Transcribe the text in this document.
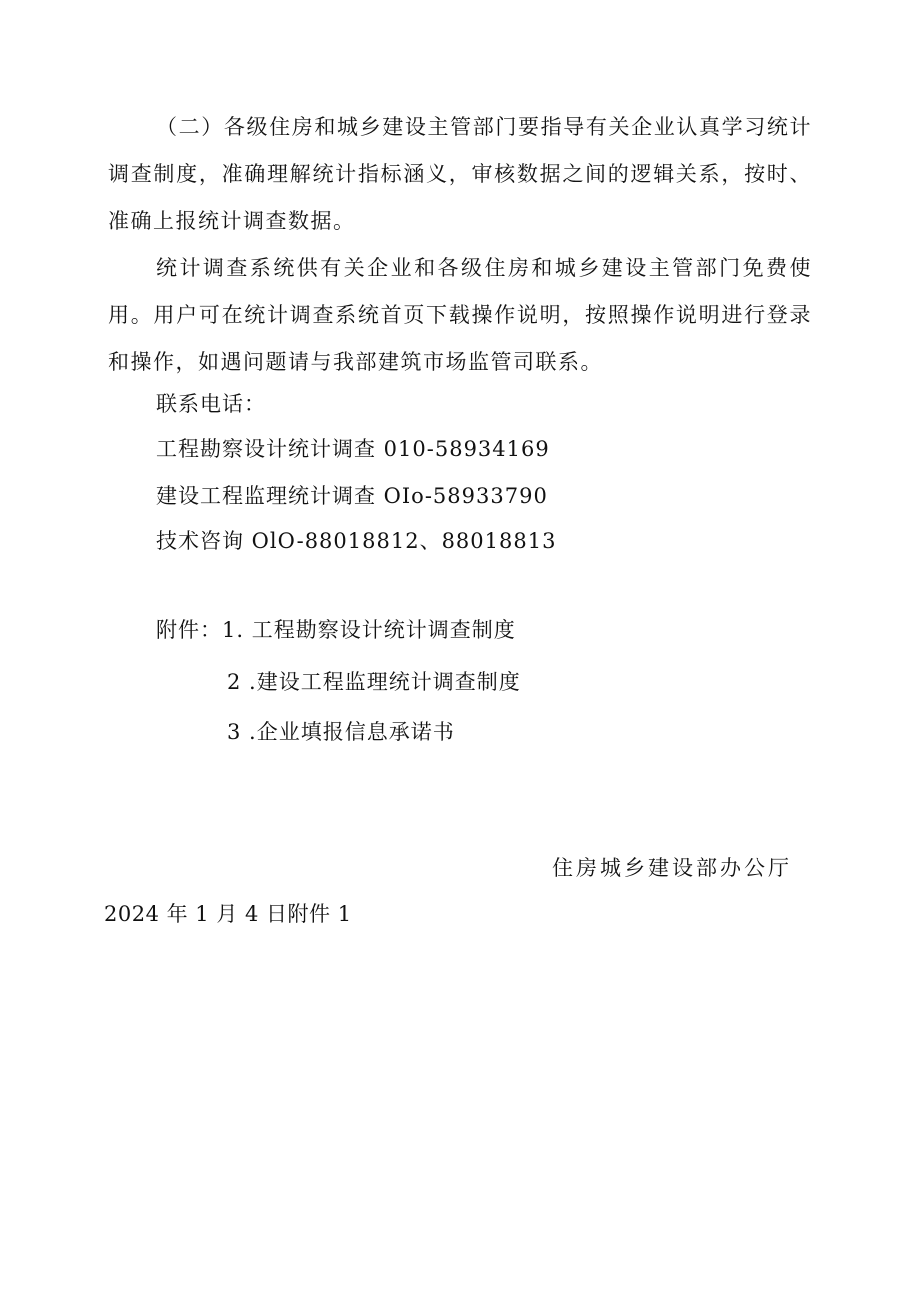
（二）各级住房和城乡建设主管部门要指导有关企业认真学习统计调查制度，准确理解统计指标涵义，审核数据之间的逻辑关系，按时、准确上报统计调查数据。

统计调查系统供有关企业和各级住房和城乡建设主管部门免费使用。用户可在统计调查系统首页下载操作说明，按照操作说明进行登录和操作，如遇问题请与我部建筑市场监管司联系。

联系电话：

工程勘察设计统计调查 010-58934169

建设工程监理统计调查 OIo-58933790

技术咨询 OlO-88018812、88018813

附件：1. 工程勘察设计统计调查制度

2 .建设工程监理统计调查制度

3 .企业填报信息承诺书

住房城乡建设部办公厅

2024 年 1 月 4 日附件 1
